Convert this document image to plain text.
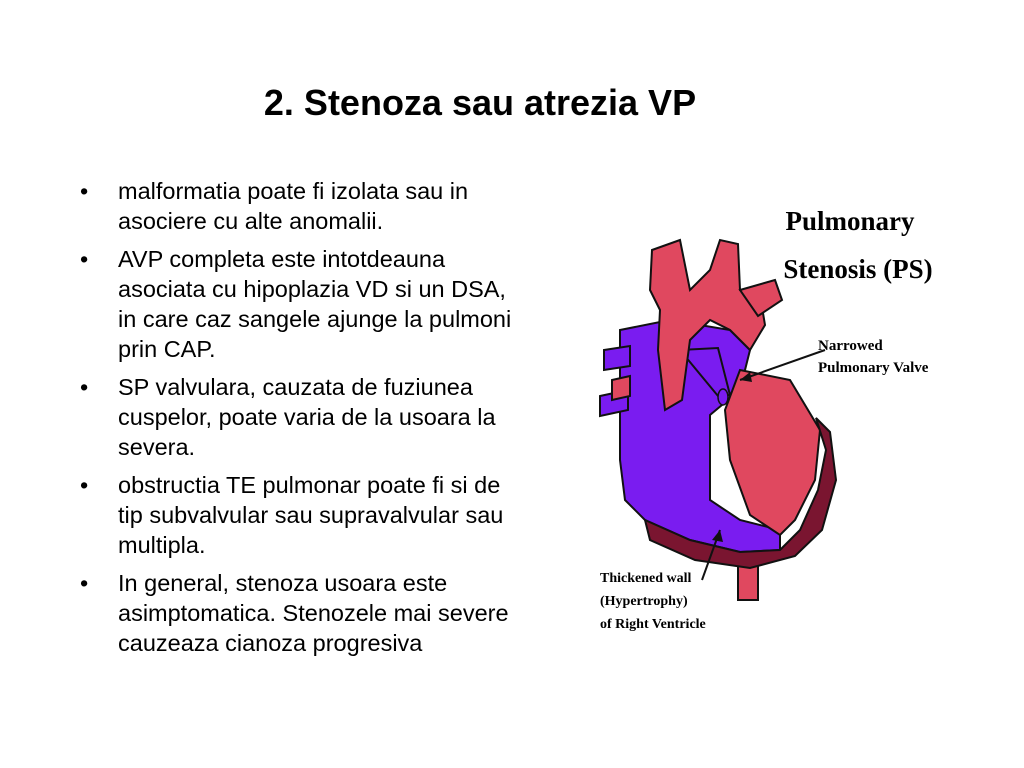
2. Stenoza sau atrezia VP
• malformatia poate fi izolata sau in asociere cu alte anomalii.
• AVP completa este intotdeauna asociata cu hipoplazia VD si un DSA, in care caz sangele ajunge la pulmoni prin CAP.
• SP valvulara, cauzata de fuziunea cuspelor, poate varia de la usoara la severa.
• obstructia TE pulmonar poate fi si de tip subvalvular sau supravalvular sau multipla.
• In general, stenoza usoara este asimptomatica. Stenozele mai severe cauzeaza cianoza progresiva
Pulmonary
Stenosis (PS)
Narrowed
Pulmonary Valve
Thickened wall
(Hypertrophy)
of Right Ventricle
